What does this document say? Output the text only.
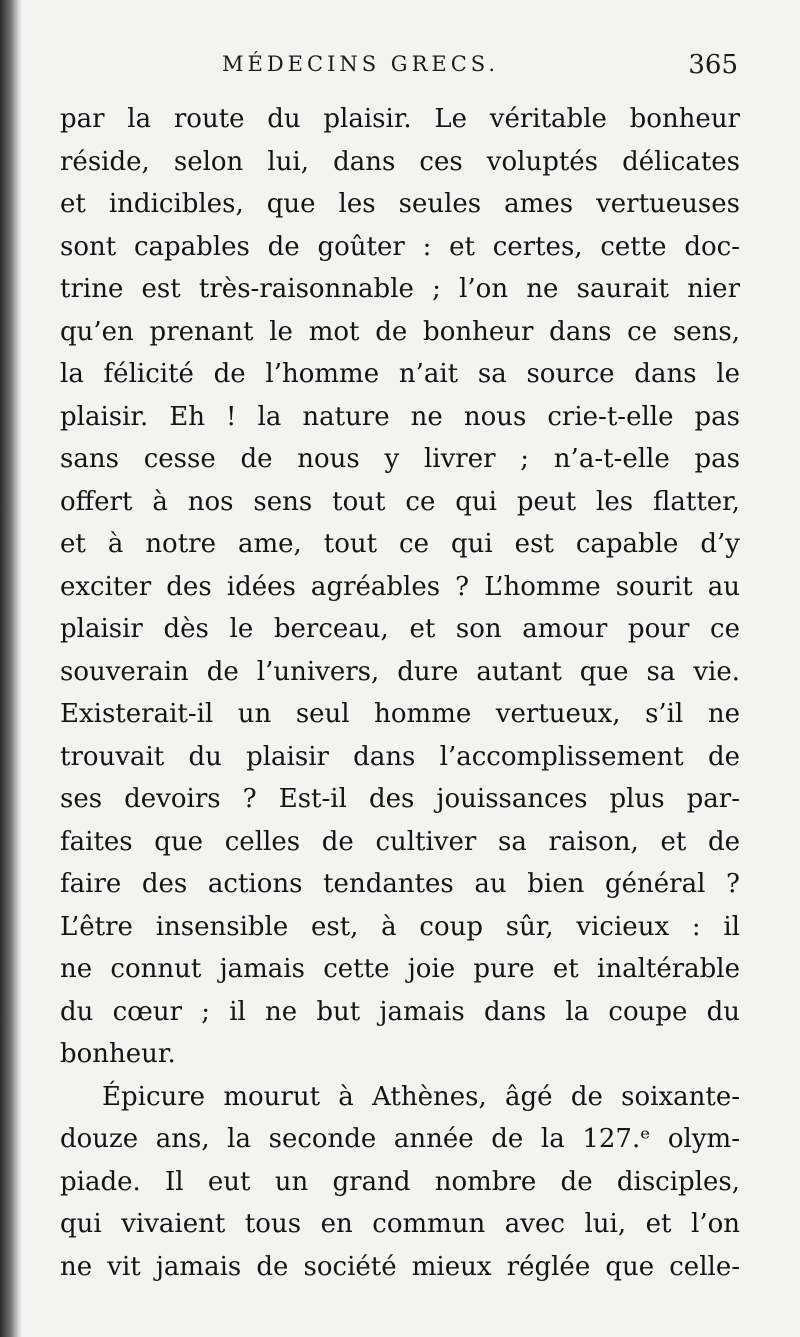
MÉDECINS GRECS.	365
par la route du plaisir. Le véritable bonheur
réside, selon lui, dans ces voluptés délicates
et indicibles, que les seules ames vertueuses
sont capables de goûter : et certes, cette doc-
trine est très-raisonnable ; l’on ne saurait nier
qu’en prenant le mot de bonheur dans ce sens,
la félicité de l’homme n’ait sa source dans le
plaisir. Eh ! la nature ne nous crie-t-elle pas
sans cesse de nous y livrer ; n’a-t-elle pas
offert à nos sens tout ce qui peut les flatter,
et à notre ame, tout ce qui est capable d’y
exciter des idées agréables ? L’homme sourit au
plaisir dès le berceau, et son amour pour ce
souverain de l’univers, dure autant que sa vie.
Existerait-il un seul homme vertueux, s’il ne
trouvait du plaisir dans l’accomplissement de
ses devoirs ? Est-il des jouissances plus par-
faites que celles de cultiver sa raison, et de
faire des actions tendantes au bien général ?
L’être insensible est, à coup sûr, vicieux : il
ne connut jamais cette joie pure et inaltérable
du cœur ; il ne but jamais dans la coupe du
bonheur.
Épicure mourut à Athènes, âgé de soixante-
douze ans, la seconde année de la 127.ᵉ olym-
piade. Il eut un grand nombre de disciples,
qui vivaient tous en commun avec lui, et l’on
ne vit jamais de société mieux réglée que celle-
